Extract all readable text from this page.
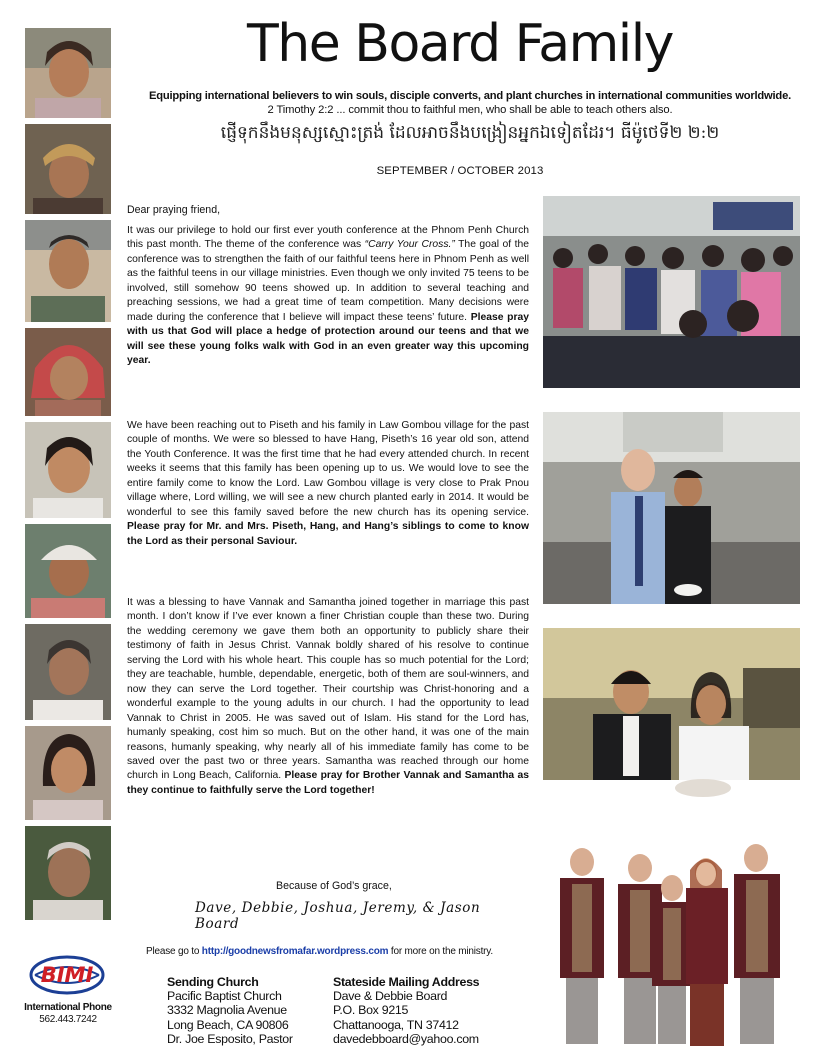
The Board Family
Equipping international believers to win souls, disciple converts, and plant churches in international communities worldwide.
2 Timothy 2:2 ... commit thou to faithful men, who shall be able to teach others also.
ផ្ញើទុកនឹងមនុស្សស្មោះត្រង់ ដែលអាចនឹងបង្រៀនអ្នកឯទៀតដែរ។ ធីម៉ូថេទី២ ២:២
SEPTEMBER / OCTOBER 2013
Dear praying friend,

It was our privilege to hold our first ever youth conference at the Phnom Penh Church this past month. The theme of the conference was “Carry Your Cross.” The goal of the conference was to strengthen the faith of our faithful teens here in Phnom Penh as well as the faithful teens in our village ministries. Even though we only invited 75 teens to be involved, still somehow 90 teens showed up. In addition to several teaching and preaching sessions, we had a great time of team competition. Many decisions were made during the conference that I believe will impact these teens’ future. Please pray with us that God will place a hedge of protection around our teens and that we will see these young folks walk with God in an even greater way this upcoming year.

We have been reaching out to Piseth and his family in Law Gombou village for the past couple of months. We were so blessed to have Hang, Piseth’s 16 year old son, attend the Youth Conference. It was the first time that he had every attended church. In recent weeks it seems that this family has been opening up to us. We would love to see the entire family come to know the Lord. Law Gombou village is very close to Prak Pnou village where, Lord willing, we will see a new church planted early in 2014. It would be wonderful to see this family saved before the new church has its opening service. Please pray for Mr. and Mrs. Piseth, Hang, and Hang’s siblings to come to know the Lord as their personal Saviour.

It was a blessing to have Vannak and Samantha joined together in marriage this past month. I don’t know if I’ve ever known a finer Christian couple than these two. During the wedding ceremony we gave them both an opportunity to publicly share their testimony of faith in Jesus Christ. Vannak boldly shared of his resolve to continue serving the Lord with his whole heart. This couple has so much potential for the Lord; they are teachable, humble, dependable, energetic, both of them are soul-winners, and now they can serve the Lord together. Their courtship was Christ-honoring and a wonderful example to the young adults in our church. I had the opportunity to lead Vannak to Christ in 2005. He was saved out of Islam. His stand for the Lord has, humanly speaking, cost him so much. But on the other hand, it was one of the main reasons, humanly speaking, why nearly all of his immediate family has come to be saved over the past two or three years. Samantha was reached through our home church in Long Beach, California. Please pray for Brother Vannak and Samantha as they continue to faithfully serve the Lord together!

Because of God’s grace,
Dave, Debbie, Joshua, Jeremy, & Jason Board
Please go to http://goodnewsfromafar.wordpress.com for more on the ministry.
BIMI
International Phone
562.443.7242
Sending Church
Pacific Baptist Church
3332 Magnolia Avenue
Long Beach, CA 90806
Dr. Joe Esposito, Pastor
Stateside Mailing Address
Dave & Debbie Board
P.O. Box 9215
Chattanooga, TN 37412
davedebboard@yahoo.com
